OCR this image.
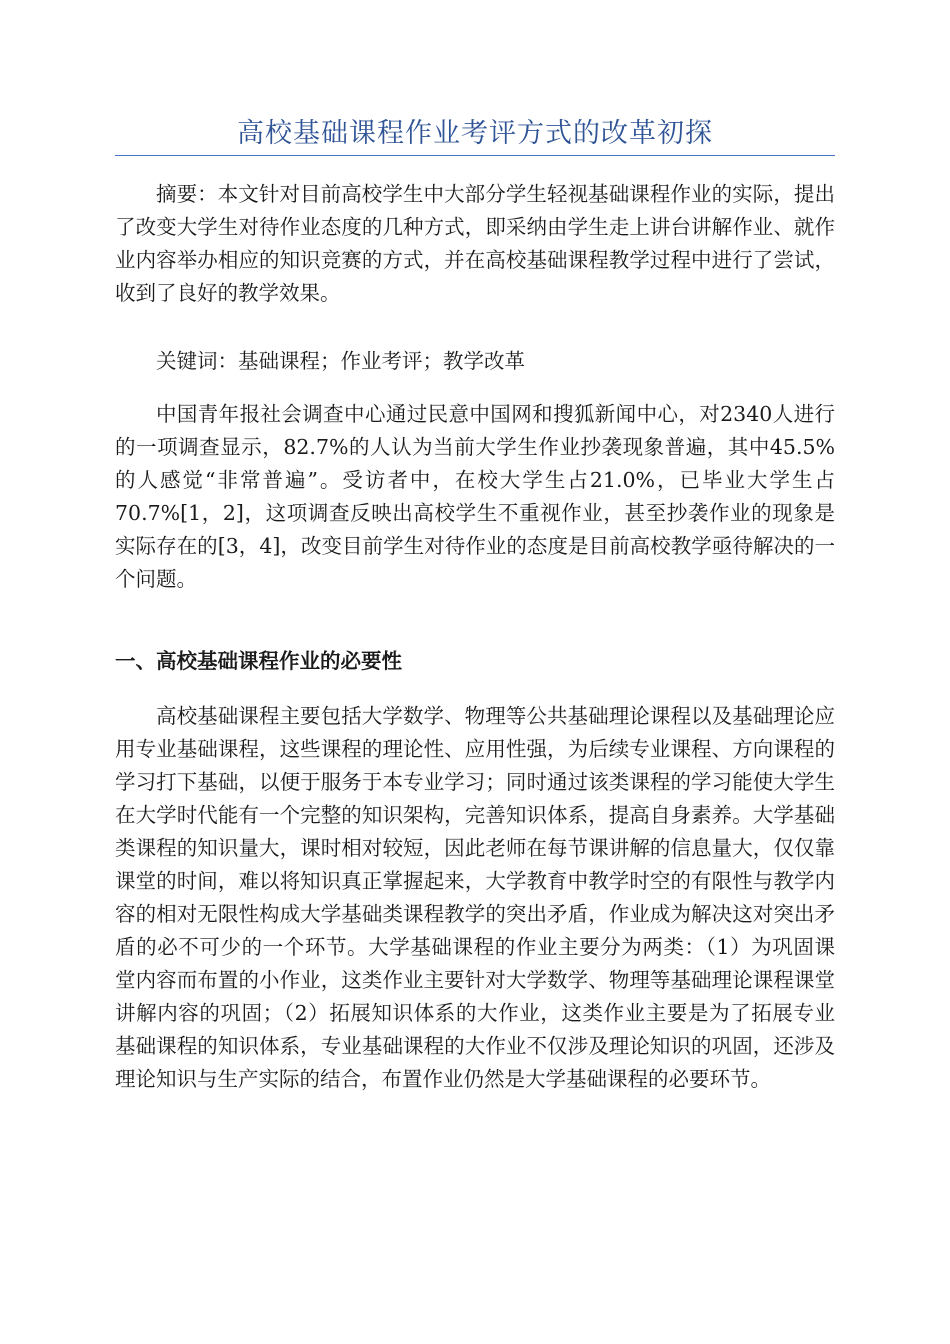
高校基础课程作业考评方式的改革初探

摘要：本文针对目前高校学生中大部分学生轻视基础课程作业的实际，提出了改变大学生对待作业态度的几种方式，即采纳由学生走上讲台讲解作业、就作业内容举办相应的知识竞赛的方式，并在高校基础课程教学过程中进行了尝试，收到了良好的教学效果。

关键词：基础课程；作业考评；教学改革

中国青年报社会调查中心通过民意中国网和搜狐新闻中心，对2340人进行的一项调查显示，82.7%的人认为当前大学生作业抄袭现象普遍，其中45.5%的人感觉“非常普遍”。受访者中，在校大学生占21.0%，已毕业大学生占70.7%[1，2]，这项调查反映出高校学生不重视作业，甚至抄袭作业的现象是实际存在的[3，4]，改变目前学生对待作业的态度是目前高校教学亟待解决的一个问题。

一、高校基础课程作业的必要性

高校基础课程主要包括大学数学、物理等公共基础理论课程以及基础理论应用专业基础课程，这些课程的理论性、应用性强，为后续专业课程、方向课程的学习打下基础，以便于服务于本专业学习；同时通过该类课程的学习能使大学生在大学时代能有一个完整的知识架构，完善知识体系，提高自身素养。大学基础类课程的知识量大，课时相对较短，因此老师在每节课讲解的信息量大，仅仅靠课堂的时间，难以将知识真正掌握起来，大学教育中教学时空的有限性与教学内容的相对无限性构成大学基础类课程教学的突出矛盾，作业成为解决这对突出矛盾的必不可少的一个环节。大学基础课程的作业主要分为两类：（1）为巩固课堂内容而布置的小作业，这类作业主要针对大学数学、物理等基础理论课程课堂讲解内容的巩固；（2）拓展知识体系的大作业，这类作业主要是为了拓展专业基础课程的知识体系，专业基础课程的大作业不仅涉及理论知识的巩固，还涉及理论知识与生产实际的结合，布置作业仍然是大学基础课程的必要环节。
